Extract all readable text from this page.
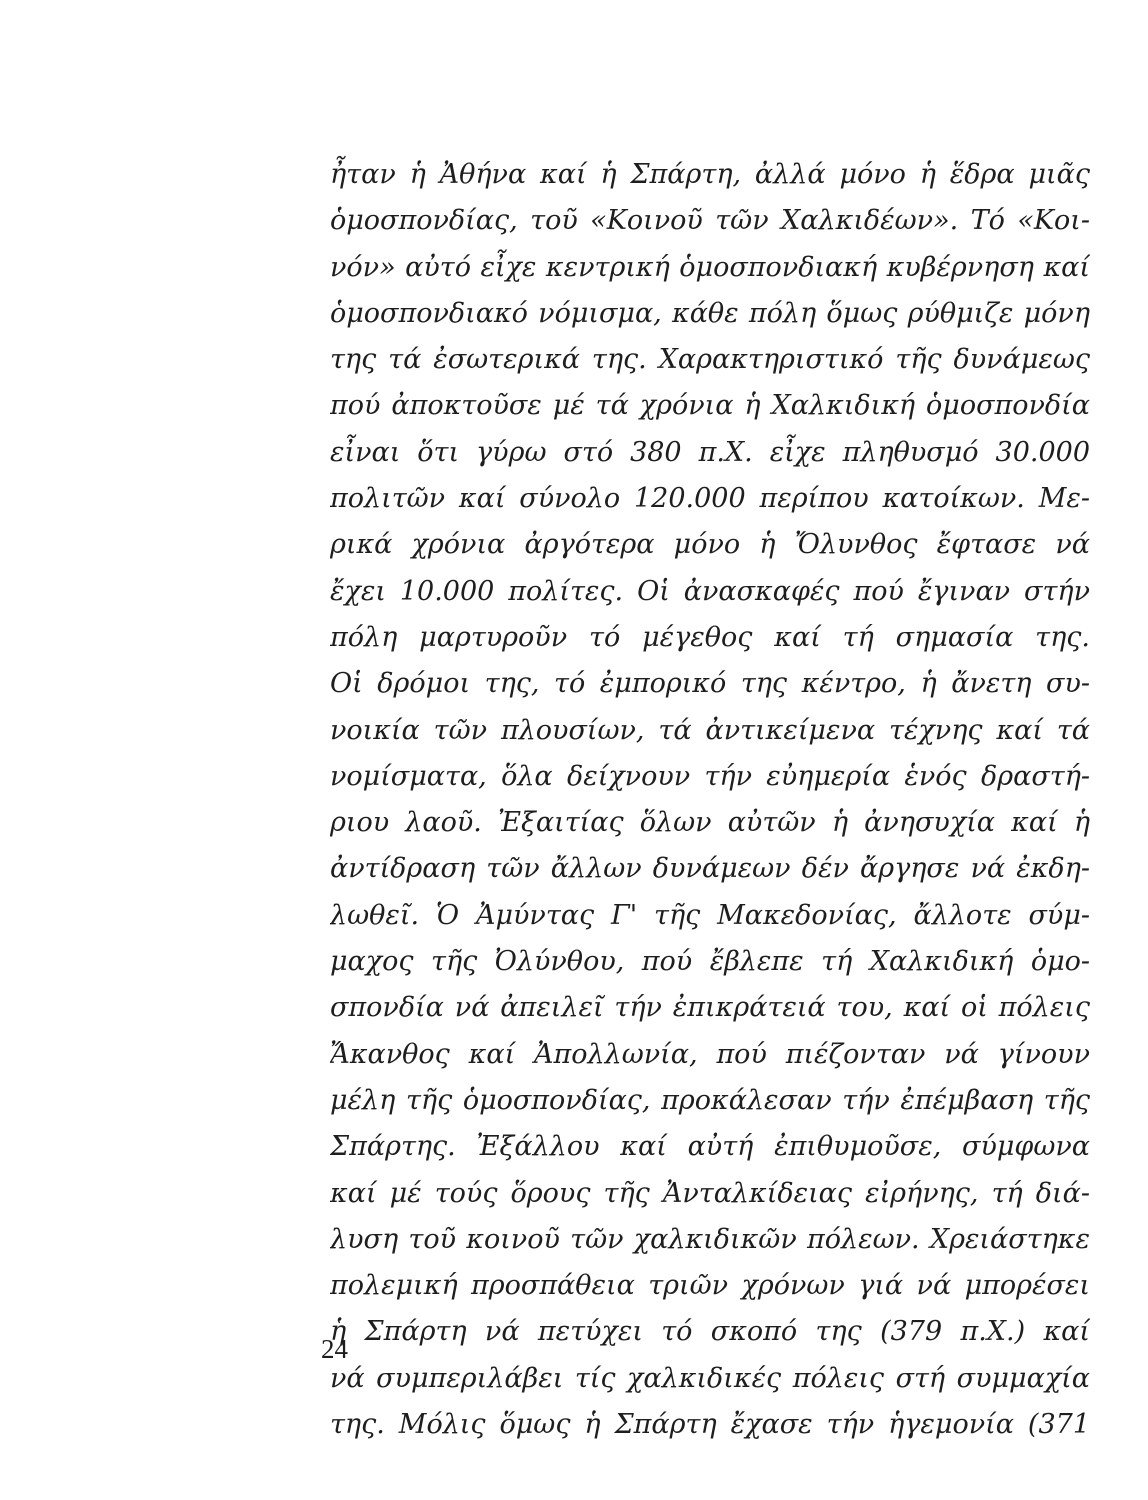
ἦταν ἡ Ἀθήνα καί ἡ Σπάρτη, ἀλλά μόνο ἡ ἕδρα μιᾶς
ὁμοσπονδίας, τοῦ «Κοινοῦ τῶν Χαλκιδέων». Τό «Κοι-
νόν» αὐτό εἶχε κεντρική ὁμοσπονδιακή κυβέρνηση καί
ὁμοσπονδιακό νόμισμα, κάθε πόλη ὅμως ρύθμιζε μόνη
της τά ἐσωτερικά της. Χαρακτηριστικό τῆς δυνάμεως
πού ἀποκτοῦσε μέ τά χρόνια ἡ Χαλκιδική ὁμοσπονδία
εἶναι ὅτι γύρω στό 380 π.Χ. εἶχε πληθυσμό 30.000
πολιτῶν καί σύνολο 120.000 περίπου κατοίκων. Με-
ρικά χρόνια ἀργότερα μόνο ἡ Ὄλυνθος ἔφτασε νά
ἔχει 10.000 πολίτες. Οἱ ἀνασκαφές πού ἔγιναν στήν
πόλη μαρτυροῦν τό μέγεθος καί τή σημασία της.
Οἱ δρόμοι της, τό ἐμπορικό της κέντρο, ἡ ἄνετη συ-
νοικία τῶν πλουσίων, τά ἀντικείμενα τέχνης καί τά
νομίσματα, ὅλα δείχνουν τήν εὐημερία ἑνός δραστή-
ριου λαοῦ. Ἐξαιτίας ὅλων αὐτῶν ἡ ἀνησυχία καί ἡ
ἀντίδραση τῶν ἄλλων δυνάμεων δέν ἄργησε νά ἐκδη-
λωθεῖ. Ὁ Ἀμύντας Γ' τῆς Μακεδονίας, ἄλλοτε σύμ-
μαχος τῆς Ὀλύνθου, πού ἔβλεπε τή Χαλκιδική ὁμο-
σπονδία νά ἀπειλεῖ τήν ἐπικράτειά του, καί οἱ πόλεις
Ἄκανθος καί Ἀπολλωνία, πού πιέζονταν νά γίνουν
μέλη τῆς ὁμοσπονδίας, προκάλεσαν τήν ἐπέμβαση τῆς
Σπάρτης. Ἐξάλλου καί αὐτή ἐπιθυμοῦσε, σύμφωνα
καί μέ τούς ὅρους τῆς Ἀνταλκίδειας εἰρήνης, τή διά-
λυση τοῦ κοινοῦ τῶν χαλκιδικῶν πόλεων. Χρειάστηκε
πολεμική προσπάθεια τριῶν χρόνων γιά νά μπορέσει
ἡ Σπάρτη νά πετύχει τό σκοπό της (379 π.Χ.) καί
νά συμπεριλάβει τίς χαλκιδικές πόλεις στή συμμαχία
της. Μόλις ὅμως ἡ Σπάρτη ἔχασε τήν ἡγεμονία (371
24
